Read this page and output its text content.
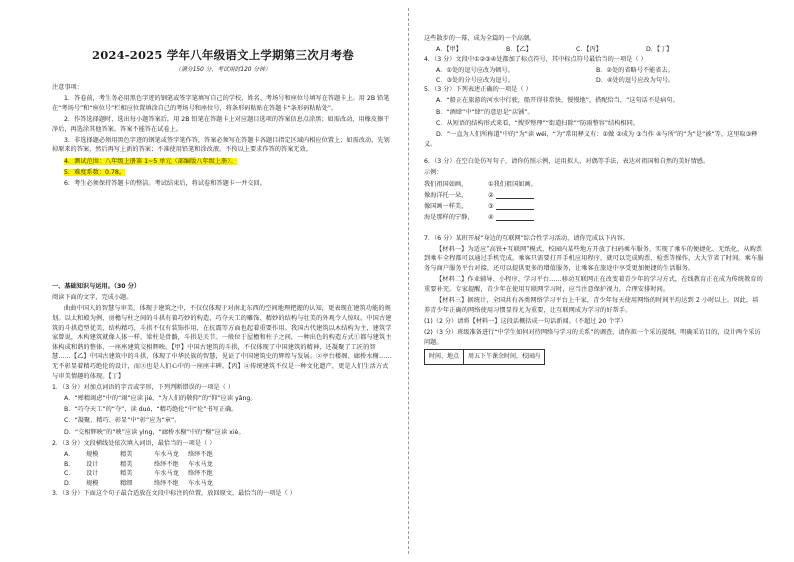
2024-2025 学年八年级语文上学期第三次月考卷
（满分150 分，考试用时120 分钟）

注意事项：

1．答卷前，考生务必用黑色字迹的钢笔或签字笔填写自己的学校、姓名、考场号和座位号填写在答题卡上。用 2B 铅笔在“考场号”和“座位号”栏相应位置填涂自己的考场号和座位号，将条形码粘贴在答题卡“条形码粘贴处”。

2．作答选择题时，选出每小题答案后，用 2B 铅笔在答题卡上对应题目选项的答案信息点涂黑；如需改动，用橡皮擦干净后，再选涂其他答案。答案不能答在试卷上。

3．非选择题必须用黑色字迹的钢笔或签字笔作答，答案必须写在答题卡各题目指定区域内相应位置上；如需改动，先划掉原来的答案，然后再写上新的答案；不准使用铅笔和涂改液。不按以上要求作答的答案无效。

4．测试范围：八年级上册第 1~5 单元（部编版八年级上册）。

5．难度系数：0.78。

6．考生必须保持答题卡的整洁。考试结束后，将试卷和答题卡一并交回。

一、基础知识与运用。（30 分）

阅读下面的文字，完成小题。

曲曲中国人的智慧与审美，体现于建筑之中，不仅仅体现于对南北东西的空间地理把握的认知，更表现在建筑功能的规划。以太和殿为例，房檐与柱之间的斗拱有着巧妙的构造，巧夺天工的雕饰、精妙的结构与壮美的外观令人惊叹。中国古建筑的斗拱造型优美，结构精巧，斗拱不仅有装饰作用，在抗震等方面也起着重要作用。我国古代建筑以木结构为主，建筑学家曾说，木构建筑就像人体一样，梁柱是骨骼，斗拱是关节。一般位于屋檐和柱子之间，一种出色的构造方式①都与建筑主体构成和谐的整体，一座座建筑交相辉映。【甲】中国古建筑的斗拱，不仅体现了中国建筑的精神，还凝聚了工匠的智慧……【乙】中国古建筑中的斗拱，体现了中华民族的智慧，见证了中国建筑史的辉煌与发展。②亭台楼阁、廊桥水榭……无不彰显着精巧绝伦的设计，而③也是人们心中的一座座丰碑。【丙】④传统建筑不仅是一种文化遗产，更是人们生活方式与审美情趣的体现。【丁】

1．（3 分）对加点词语的字音或字形，下列判断错误的一项是（ ）

A．“殚精竭虑”中的“竭”应读 jié，“为人们的敬仰”的“仰”应读 yǎng。

B．“巧夺天工”的“夺”，读 duó，“精巧绝伦”中“伦”书写正确。

C．“凝聚、精巧、彰显”中“彰”应为“章”。

D．“交相辉映”的“映”应读 yìng，“廊桥水榭”中的“榭”应读 xiè。

2．（3 分）文段横线处依次填入词语，最恰当的一项是（ ）

A． 规模	精美	车水马龙 络绎不绝
B． 设计	精美	络绎不绝 车水马龙
C． 设计	精美	车水马龙 络绎不绝
D． 规模	精细	络绎不绝 车水马龙

3．（3 分）下面这个句子最合适放在文段中标注的位置，放回原文，最恰当的一项是（ ）

这些散步的一幕，成为全篇的一个高潮。

A．【甲】	B．【乙】	C．【丙】	D．【丁】

4．（3 分）文段中①②③④处都加了标点符号，其中标点符号最恰当的一项是（ ）

A．①处的逗号应改为顿号。	B．②处的省略号不能省去。
C．③处的分号应改为逗号。	D．④处的逗号应改为句号。

5．（3 分）下列表述正确的一项是（ ）

A．“船正在旅游的河水中行驶，船开得非常快，慢慢地”，搭配恰当，“这句话不是病句。

B．“酒肆”中“肆”的意思是“店铺”。

C．从短语的结构形式来看，“搜罗整理”“街道扫除”“防雨整容”结构相同。

D．“一直为人们所称道”中的“为”读 wéi，“为”常用释义有：①做 ②成为 ③当作 ④与所”的“为”是“被”等，这里取③释义。

6．（3 分）在空白处仿写句子，请你仿照示例，运用拟人、对偶等手法，表达对祖国和自然的美好情感。

示例：

我们祖国如画，	①我们祖国如画。
像海洋托一朵，	②
像国画一样美，	③
海是那样的宁静，	④

7．（6 分）某班开展“身边的互联网”综合性学习活动，请你完成以下内容。

【材料一】为适应“高铁+互联网”模式，校园内某些地方开放了扫码乘车服务，实现了乘车的便捷化、无纸化，从购票到乘车全程都可以通过手机完成。乘客只需要打开手机应用程序，就可以完成购票、检票等操作，大大节省了时间。乘车服务与商户服务平台对接，还可以提供更多的增值服务，让乘客在旅途中享受更加便捷的生活服务。

【材料二】作业辅导、小程序、学习平台……移动互联网正在改变着青少年的学习方式，在线教育正在成为传统教育的重要补充。专家提醒，青少年在使用互联网学习时，应当注意保护视力，合理安排时间。

【材料三】据统计，全国共有各类网络学习平台上千家，青少年每天使用网络的时间平均达到 2 小时以上。因此，培养青少年正确的网络使用习惯显得尤为重要，让互联网成为学习的好帮手。

(1)（2 分）请将【材料一】这段话概括成一句话新闻。（不超过 20 个字）

(2)（3 分）班级准备进行“中学生如何对待网络与学习的关系”的调查，请你拟一个采访提纲，明确采访目的，设计两个采访问题。

时间、地点	周五下午课余时间，校园内
